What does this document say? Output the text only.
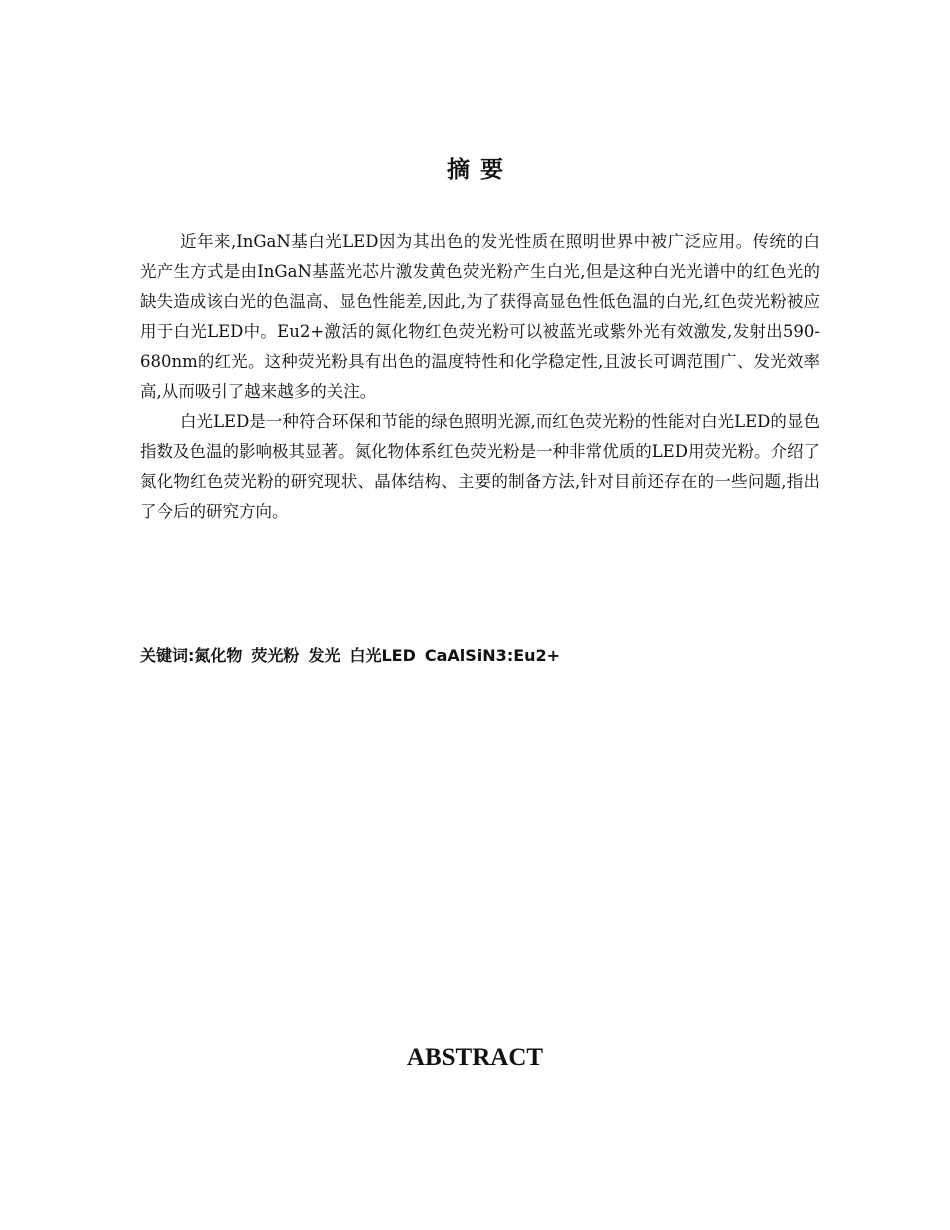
摘要

近年来,InGaN基白光LED因为其出色的发光性质在照明世界中被广泛应用。传统的白光产生方式是由InGaN基蓝光芯片激发黄色荧光粉产生白光,但是这种白光光谱中的红色光的缺失造成该白光的色温高、显色性能差,因此,为了获得高显色性低色温的白光,红色荧光粉被应用于白光LED中。Eu2+激活的氮化物红色荧光粉可以被蓝光或紫外光有效激发,发射出590-680nm的红光。这种荧光粉具有出色的温度特性和化学稳定性,且波长可调范围广、发光效率高,从而吸引了越来越多的关注。

白光LED是一种符合环保和节能的绿色照明光源,而红色荧光粉的性能对白光LED的显色指数及色温的影响极其显著。氮化物体系红色荧光粉是一种非常优质的LED用荧光粉。介绍了氮化物红色荧光粉的研究现状、晶体结构、主要的制备方法,针对目前还存在的一些问题,指出了今后的研究方向。

关键词:氮化物 荧光粉 发光 白光LED CaAlSiN3:Eu2+
ABSTRACT
